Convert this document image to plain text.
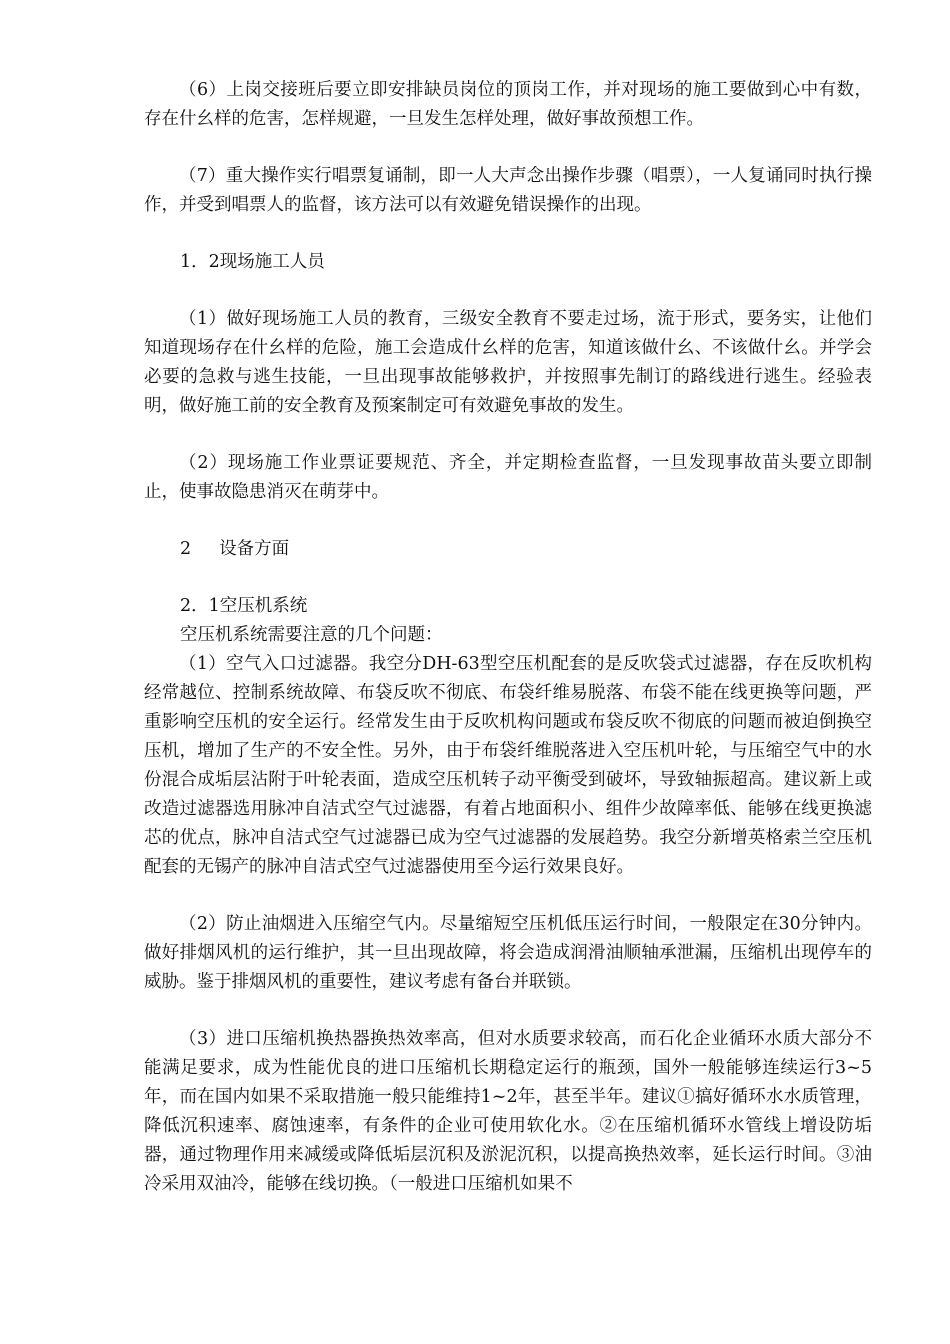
（6）上岗交接班后要立即安排缺员岗位的顶岗工作，并对现场的施工要做到心中有数，存在什幺样的危害，怎样规避，一旦发生怎样处理，做好事故预想工作。

（7）重大操作实行唱票复诵制，即一人大声念出操作步骤（唱票），一人复诵同时执行操作，并受到唱票人的监督，该方法可以有效避免错误操作的出现。

1．2现场施工人员

（1）做好现场施工人员的教育，三级安全教育不要走过场，流于形式，要务实，让他们知道现场存在什幺样的危险，施工会造成什幺样的危害，知道该做什幺、不该做什幺。并学会必要的急救与逃生技能，一旦出现事故能够救护，并按照事先制订的路线进行逃生。经验表明，做好施工前的安全教育及预案制定可有效避免事故的发生。

（2）现场施工作业票证要规范、齐全，并定期检查监督，一旦发现事故苗头要立即制止，使事故隐患消灭在萌芽中。

2 设备方面

2．1空压机系统

空压机系统需要注意的几个问题：

（1）空气入口过滤器。我空分DH-63型空压机配套的是反吹袋式过滤器，存在反吹机构经常越位、控制系统故障、布袋反吹不彻底、布袋纤维易脱落、布袋不能在线更换等问题，严重影响空压机的安全运行。经常发生由于反吹机构问题或布袋反吹不彻底的问题而被迫倒换空压机，增加了生产的不安全性。另外，由于布袋纤维脱落进入空压机叶轮，与压缩空气中的水份混合成垢层沾附于叶轮表面，造成空压机转子动平衡受到破坏，导致轴振超高。建议新上或改造过滤器选用脉冲自洁式空气过滤器，有着占地面积小、组件少故障率低、能够在线更换滤芯的优点，脉冲自洁式空气过滤器已成为空气过滤器的发展趋势。我空分新增英格索兰空压机配套的无锡产的脉冲自洁式空气过滤器使用至今运行效果良好。

（2）防止油烟进入压缩空气内。尽量缩短空压机低压运行时间，一般限定在30分钟内。做好排烟风机的运行维护，其一旦出现故障，将会造成润滑油顺轴承泄漏，压缩机出现停车的威胁。鉴于排烟风机的重要性，建议考虑有备台并联锁。

（3）进口压缩机换热器换热效率高，但对水质要求较高，而石化企业循环水质大部分不能满足要求，成为性能优良的进口压缩机长期稳定运行的瓶颈，国外一般能够连续运行3~5年，而在国内如果不采取措施一般只能维持1~2年，甚至半年。建议①搞好循环水水质管理，降低沉积速率、腐蚀速率，有条件的企业可使用软化水。②在压缩机循环水管线上增设防垢器，通过物理作用来减缓或降低垢层沉积及淤泥沉积，以提高换热效率，延长运行时间。③油冷采用双油冷，能够在线切换。（一般进口压缩机如果不
